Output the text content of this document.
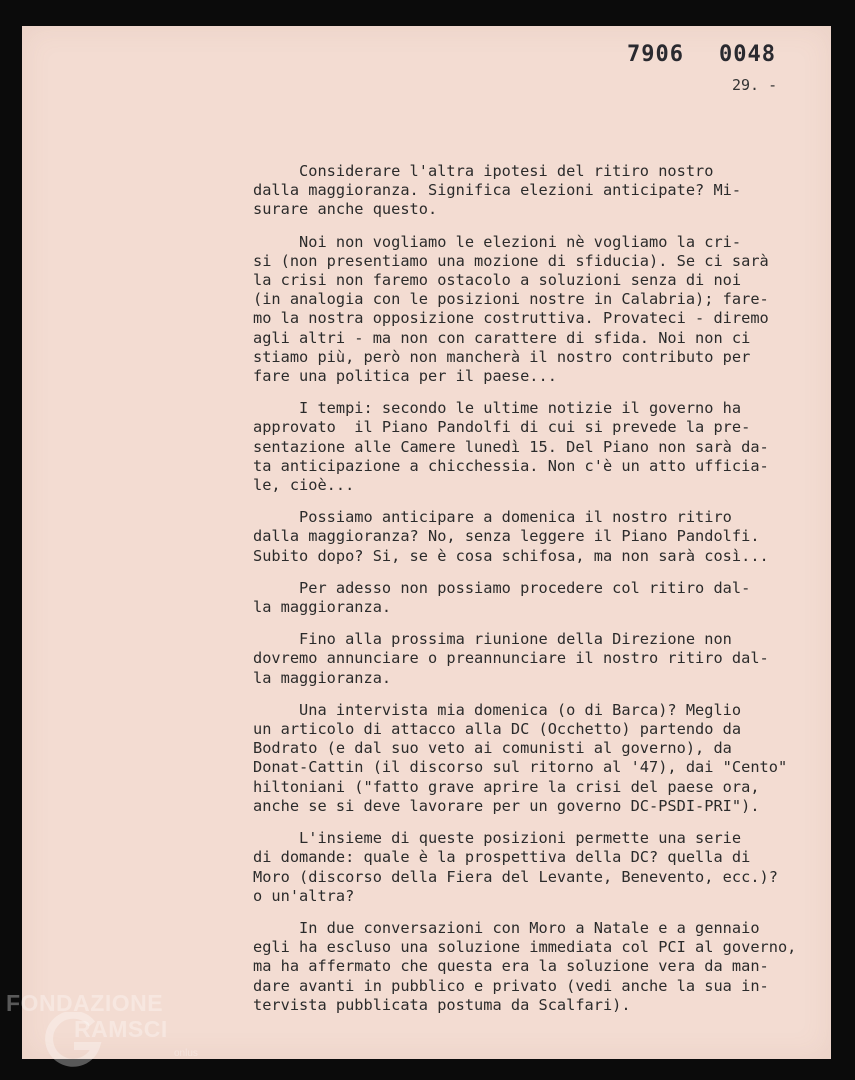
7906 0048
29. -
Considerare l'altra ipotesi del ritiro nostro
dalla maggioranza. Significa elezioni anticipate? Mi-
surare anche questo.
Noi non vogliamo le elezioni nè vogliamo la cri-
si (non presentiamo una mozione di sfiducia). Se ci sarà
la crisi non faremo ostacolo a soluzioni senza di noi
(in analogia con le posizioni nostre in Calabria); fare-
mo la nostra opposizione costruttiva. Provateci - diremo
agli altri - ma non con carattere di sfida. Noi non ci
stiamo più, però non mancherà il nostro contributo per
fare una politica per il paese...
I tempi: secondo le ultime notizie il governo ha
approvato  il Piano Pandolfi di cui si prevede la pre-
sentazione alle Camere lunedì 15. Del Piano non sarà da-
ta anticipazione a chicchessia. Non c'è un atto ufficia-
le, cioè...
Possiamo anticipare a domenica il nostro ritiro
dalla maggioranza? No, senza leggere il Piano Pandolfi.
Subito dopo? Si, se è cosa schifosa, ma non sarà così...
Per adesso non possiamo procedere col ritiro dal-
la maggioranza.
Fino alla prossima riunione della Direzione non
dovremo annunciare o preannunciare il nostro ritiro dal-
la maggioranza.
Una intervista mia domenica (o di Barca)? Meglio
un articolo di attacco alla DC (Occhetto) partendo da
Bodrato (e dal suo veto ai comunisti al governo), da
Donat-Cattin (il discorso sul ritorno al '47), dai "Cento"
hiltoniani ("fatto grave aprire la crisi del paese ora,
anche se si deve lavorare per un governo DC-PSDI-PRI").
L'insieme di queste posizioni permette una serie
di domande: quale è la prospettiva della DC? quella di
Moro (discorso della Fiera del Levante, Benevento, ecc.)?
o un'altra?
In due conversazioni con Moro a Natale e a gennaio
egli ha escluso una soluzione immediata col PCI al governo,
ma ha affermato che questa era la soluzione vera da man-
dare avanti in pubblico e privato (vedi anche la sua in-
tervista pubblicata postuma da Scalfari).
FONDAZIONE
RAMSCI
onlus
